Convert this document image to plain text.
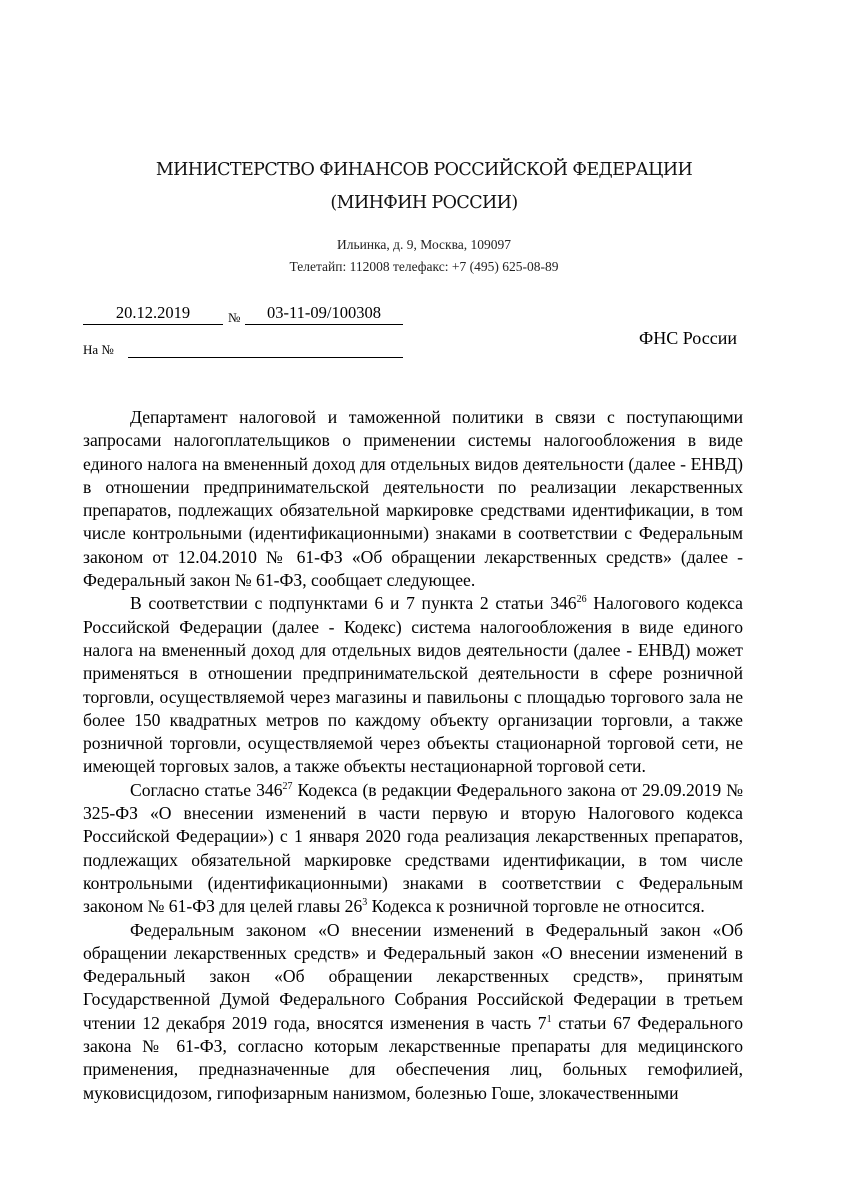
МИНИСТЕРСТВО ФИНАНСОВ РОССИЙСКОЙ ФЕДЕРАЦИИ
(МИНФИН РОССИИ)
Ильинка, д. 9, Москва, 109097
Телетайп: 112008 телефакс: +7 (495) 625-08-89
20.12.2019	№	03-11-09/100308
На №
ФНС России

Департамент налоговой и таможенной политики в связи с поступающими запросами налогоплательщиков о применении системы налогообложения в виде единого налога на вмененный доход для отдельных видов деятельности (далее - ЕНВД) в отношении предпринимательской деятельности по реализации лекарственных препаратов, подлежащих обязательной маркировке средствами идентификации, в том числе контрольными (идентификационными) знаками в соответствии с Федеральным законом от 12.04.2010 № 61-ФЗ «Об обращении лекарственных средств» (далее - Федеральный закон № 61-ФЗ, сообщает следующее.

В соответствии с подпунктами 6 и 7 пункта 2 статьи $346^{26}$ Налогового кодекса Российской Федерации (далее - Кодекс) система налогообложения в виде единого налога на вмененный доход для отдельных видов деятельности (далее - ЕНВД) может применяться в отношении предпринимательской деятельности в сфере розничной торговли, осуществляемой через магазины и павильоны с площадью торгового зала не более 150 квадратных метров по каждому объекту организации торговли, а также розничной торговли, осуществляемой через объекты стационарной торговой сети, не имеющей торговых залов, а также объекты нестационарной торговой сети.

Согласно статье $346^{27}$ Кодекса (в редакции Федерального закона от 29.09.2019 № 325-ФЗ «О внесении изменений в части первую и вторую Налогового кодекса Российской Федерации») с 1 января 2020 года реализация лекарственных препаратов, подлежащих обязательной маркировке средствами идентификации, в том числе контрольными (идентификационными) знаками в соответствии с Федеральным законом № 61-ФЗ для целей главы $26^3$ Кодекса к розничной торговле не относится.

Федеральным законом «О внесении изменений в Федеральный закон «Об обращении лекарственных средств» и Федеральный закон «О внесении изменений в Федеральный закон «Об обращении лекарственных средств», принятым Государственной Думой Федерального Собрания Российской Федерации в третьем чтении 12 декабря 2019 года, вносятся изменения в часть $7^1$ статьи 67 Федерального закона № 61-ФЗ, согласно которым лекарственные препараты для медицинского применения, предназначенные для обеспечения лиц, больных гемофилией, муковисцидозом, гипофизарным нанизмом, болезнью Гоше, злокачественными
